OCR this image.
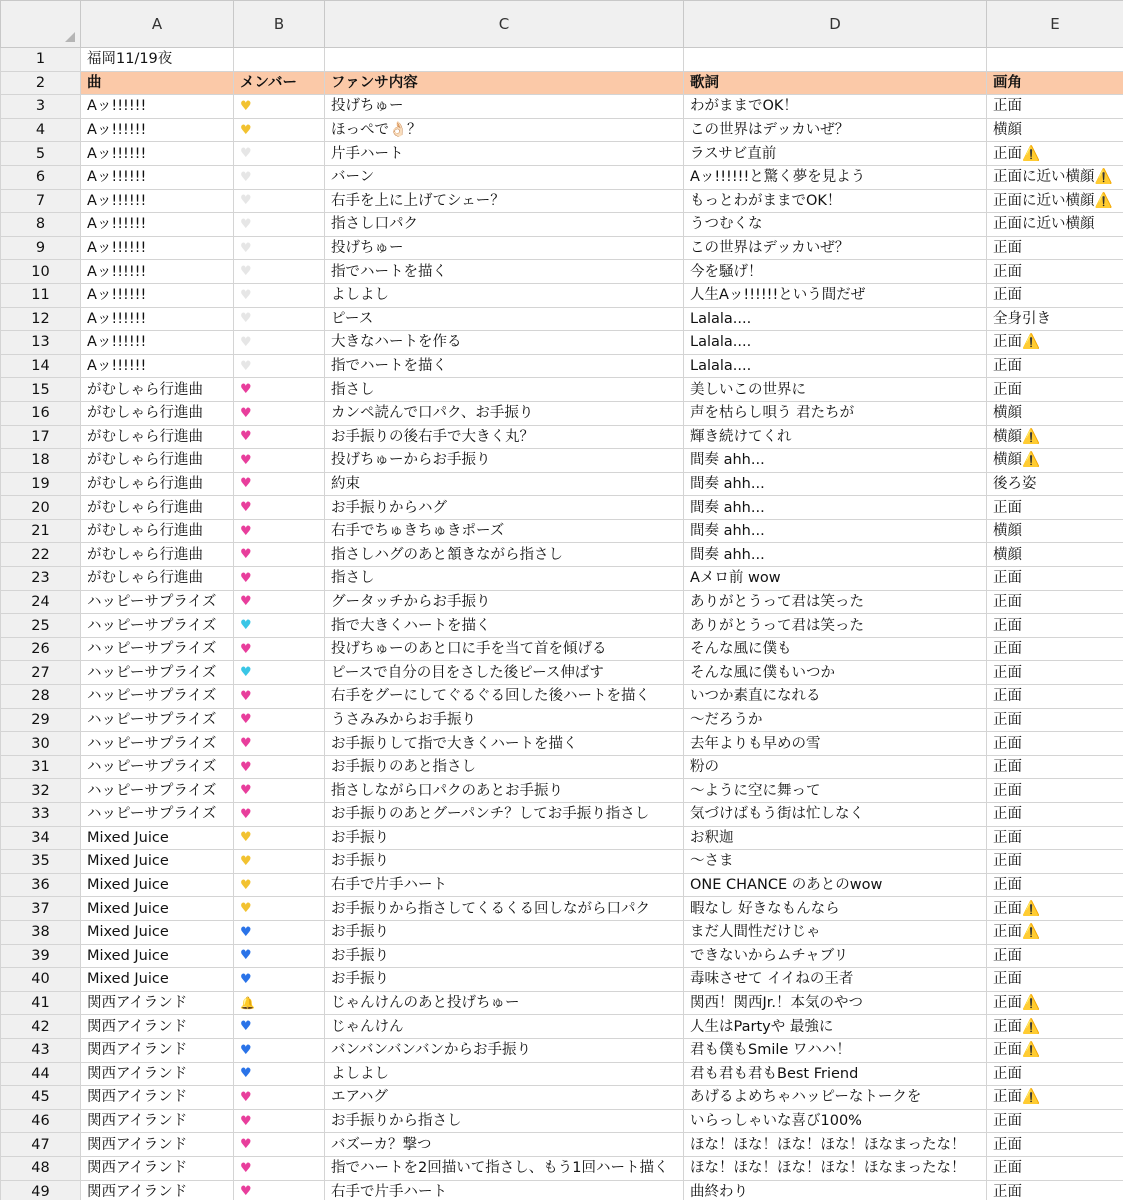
	A	B	C	D	E
1	福岡11/19夜				
2	曲	メンバー	ファンサ内容	歌詞	画角
3	Aッ!!!!!!	♥	投げちゅー	わがままでOK！	正面
4	Aッ!!!!!!	♥	ほっぺで👌🏻？	この世界はデッカいぜ？	横顔
5	Aッ!!!!!!	♥	片手ハート	ラスサビ直前	正面⚠️
6	Aッ!!!!!!	♥	バーン	Aッ!!!!!!と驚く夢を見よう	正面に近い横顔⚠️
7	Aッ!!!!!!	♥	右手を上に上げてシェー？	もっとわがままでOK！	正面に近い横顔⚠️
8	Aッ!!!!!!	♥	指さし口パク	うつむくな	正面に近い横顔
9	Aッ!!!!!!	♥	投げちゅー	この世界はデッカいぜ？	正面
10	Aッ!!!!!!	♥	指でハートを描く	今を騒げ！	正面
11	Aッ!!!!!!	♥	よしよし	人生Aッ!!!!!!という間だぜ	正面
12	Aッ!!!!!!	♥	ピース	Lalala....	全身引き
13	Aッ!!!!!!	♥	大きなハートを作る	Lalala....	正面⚠️
14	Aッ!!!!!!	♥	指でハートを描く	Lalala....	正面
15	がむしゃら行進曲	♥	指さし	美しいこの世界に	正面
16	がむしゃら行進曲	♥	カンペ読んで口パク、お手振り	声を枯らし唄う 君たちが	横顔
17	がむしゃら行進曲	♥	お手振りの後右手で大きく丸？	輝き続けてくれ	横顔⚠️
18	がむしゃら行進曲	♥	投げちゅーからお手振り	間奏 ahh...	横顔⚠️
19	がむしゃら行進曲	♥	約束	間奏 ahh...	後ろ姿
20	がむしゃら行進曲	♥	お手振りからハグ	間奏 ahh...	正面
21	がむしゃら行進曲	♥	右手でちゅきちゅきポーズ	間奏 ahh...	横顔
22	がむしゃら行進曲	♥	指さしハグのあと頷きながら指さし	間奏 ahh...	横顔
23	がむしゃら行進曲	♥	指さし	Aメロ前 wow	正面
24	ハッピーサプライズ	♥	グータッチからお手振り	ありがとうって君は笑った	正面
25	ハッピーサプライズ	♥	指で大きくハートを描く	ありがとうって君は笑った	正面
26	ハッピーサプライズ	♥	投げちゅーのあと口に手を当て首を傾げる	そんな風に僕も	正面
27	ハッピーサプライズ	♥	ピースで自分の目をさした後ピース伸ばす	そんな風に僕もいつか	正面
28	ハッピーサプライズ	♥	右手をグーにしてぐるぐる回した後ハートを描く	いつか素直になれる	正面
29	ハッピーサプライズ	♥	うさみみからお手振り	〜だろうか	正面
30	ハッピーサプライズ	♥	お手振りして指で大きくハートを描く	去年よりも早めの雪	正面
31	ハッピーサプライズ	♥	お手振りのあと指さし	粉の	正面
32	ハッピーサプライズ	♥	指さしながら口パクのあとお手振り	〜ように空に舞って	正面
33	ハッピーサプライズ	♥	お手振りのあとグーパンチ？してお手振り指さし	気づけばもう街は忙しなく	正面
34	Mixed Juice	♥	お手振り	お釈迦	正面
35	Mixed Juice	♥	お手振り	〜さま	正面
36	Mixed Juice	♥	右手で片手ハート	ONE CHANCE のあとのwow	正面
37	Mixed Juice	♥	お手振りから指さしてくるくる回しながら口パク	暇なし 好きなもんなら	正面⚠️
38	Mixed Juice	♥	お手振り	まだ人間性だけじゃ	正面⚠️
39	Mixed Juice	♥	お手振り	できないからムチャブリ	正面
40	Mixed Juice	♥	お手振り	毒味させて イイねの王者	正面
41	関西アイランド	🔔	じゃんけんのあと投げちゅー	関西！関西Jr.！本気のやつ	正面⚠️
42	関西アイランド	♥	じゃんけん	人生はPartyや 最強に	正面⚠️
43	関西アイランド	♥	バンバンバンバンからお手振り	君も僕もSmile ワハハ！	正面⚠️
44	関西アイランド	♥	よしよし	君も君も君もBest Friend	正面
45	関西アイランド	♥	エアハグ	あげるよめちゃハッピーなトークを	正面⚠️
46	関西アイランド	♥	お手振りから指さし	いらっしゃいな喜び100%	正面
47	関西アイランド	♥	バズーカ？撃つ	ほな！ほな！ほな！ほな！ほなまったな！	正面
48	関西アイランド	♥	指でハートを2回描いて指さし、もう1回ハート描く	ほな！ほな！ほな！ほな！ほなまったな！	正面
49	関西アイランド	♥	右手で片手ハート	曲終わり	正面
